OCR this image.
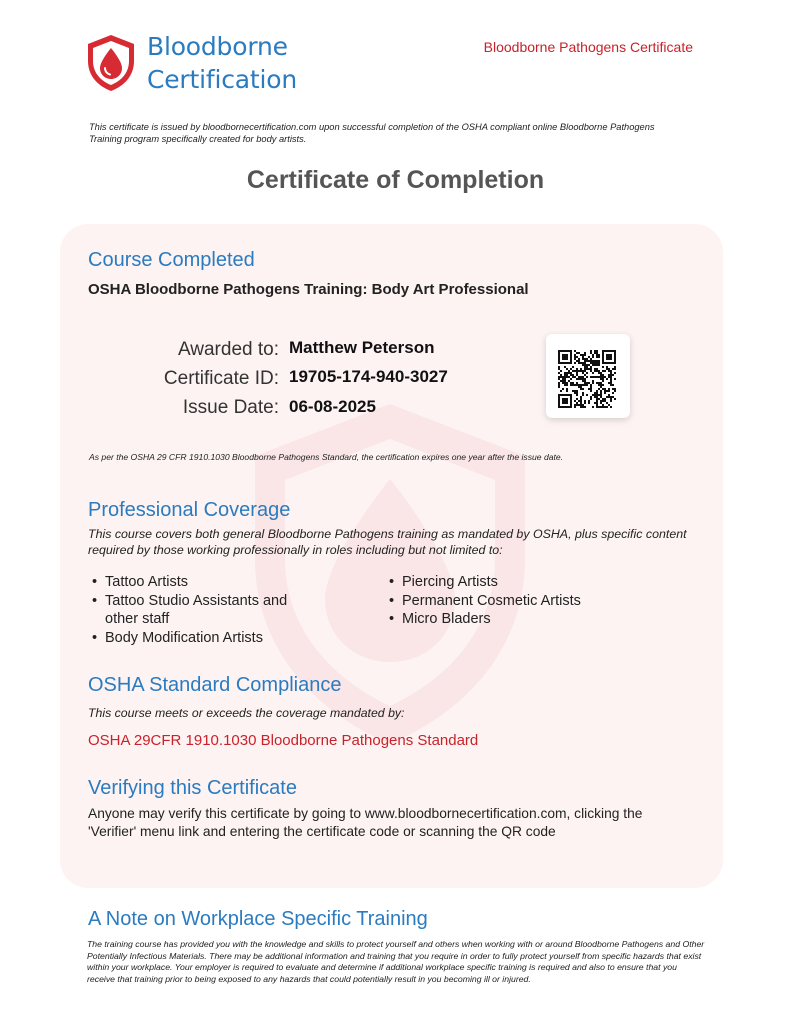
Bloodborne
Certification
Bloodborne Pathogens Certificate

This certificate is issued by bloodbornecertification.com upon successful completion of the OSHA compliant online Bloodborne Pathogens Training program specifically created for body artists.

Certificate of Completion
Course Completed
OSHA Bloodborne Pathogens Training: Body Art Professional
Awarded to: Matthew Peterson
Certificate ID: 19705-174-940-3027
Issue Date: 06-08-2025
As per the OSHA 29 CFR 1910.1030 Bloodborne Pathogens Standard, the certification expires one year after the issue date.
Professional Coverage

This course covers both general Bloodborne Pathogens training as mandated by OSHA, plus specific content required by those working professionally in roles including but not limited to:

• Tattoo Artists
• Tattoo Studio Assistants and other staff
• Body Modification Artists
• Piercing Artists
• Permanent Cosmetic Artists
• Micro Bladers
OSHA Standard Compliance
This course meets or exceeds the coverage mandated by:
OSHA 29CFR 1910.1030 Bloodborne Pathogens Standard
Verifying this Certificate

Anyone may verify this certificate by going to www.bloodbornecertification.com, clicking the 'Verifier' menu link and entering the certificate code or scanning the QR code

A Note on Workplace Specific Training

The training course has provided you with the knowledge and skills to protect yourself and others when working with or around Bloodborne Pathogens and Other Potentially Infectious Materials. There may be additional information and training that you require in order to fully protect yourself from specific hazards that exist within your workplace. Your employer is required to evaluate and determine if additional workplace specific training is required and also to ensure that you receive that training prior to being exposed to any hazards that could potentially result in you becoming ill or injured.
